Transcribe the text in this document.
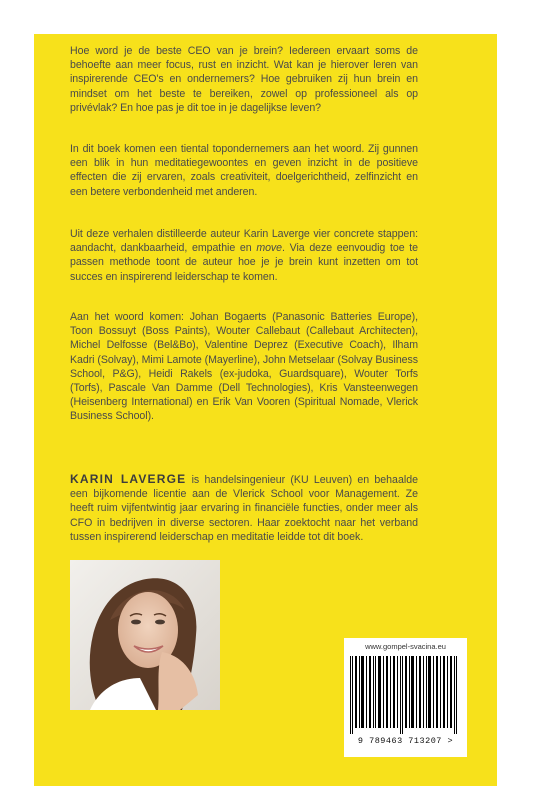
Hoe word je de beste CEO van je brein? Iedereen ervaart soms de behoefte aan meer focus, rust en inzicht. Wat kan je hierover leren van inspirerende CEO's en ondernemers? Hoe gebruiken zij hun brein en mindset om het beste te bereiken, zowel op professioneel als op privévlak? En hoe pas je dit toe in je dagelijkse leven?
In dit boek komen een tiental topondernemers aan het woord. Zij gunnen een blik in hun meditatiegewoontes en geven inzicht in de positieve effecten die zij ervaren, zoals creativiteit, doelgerichtheid, zelfinzicht en een betere verbondenheid met anderen.
Uit deze verhalen distilleerde auteur Karin Laverge vier concrete stappen: aandacht, dankbaarheid, empathie en move. Via deze eenvoudig toe te passen methode toont de auteur hoe je je brein kunt inzetten om tot succes en inspirerend leiderschap te komen.
Aan het woord komen: Johan Bogaerts (Panasonic Batteries Europe), Toon Bossuyt (Boss Paints), Wouter Callebaut (Callebaut Architecten), Michel Delfosse (Bel&Bo), Valentine Deprez (Executive Coach), Ilham Kadri (Solvay), Mimi Lamote (Mayerline), John Metselaar (Solvay Business School, P&G), Heidi Rakels (ex-judoka, Guardsquare), Wouter Torfs (Torfs), Pascale Van Damme (Dell Technologies), Kris Vansteenwegen (Heisenberg International) en Erik Van Vooren (Spiritual Nomade, Vlerick Business School).
KARIN LAVERGE is handelsingenieur (KU Leuven) en behaalde een bijkomende licentie aan de Vlerick School voor Management. Ze heeft ruim vijfentwintig jaar ervaring in financiële functies, onder meer als CFO in bedrijven in diverse sectoren. Haar zoektocht naar het verband tussen inspirerend leiderschap en meditatie leidde tot dit boek.
www.gompel-svacina.eu
9 789463 713207 >
